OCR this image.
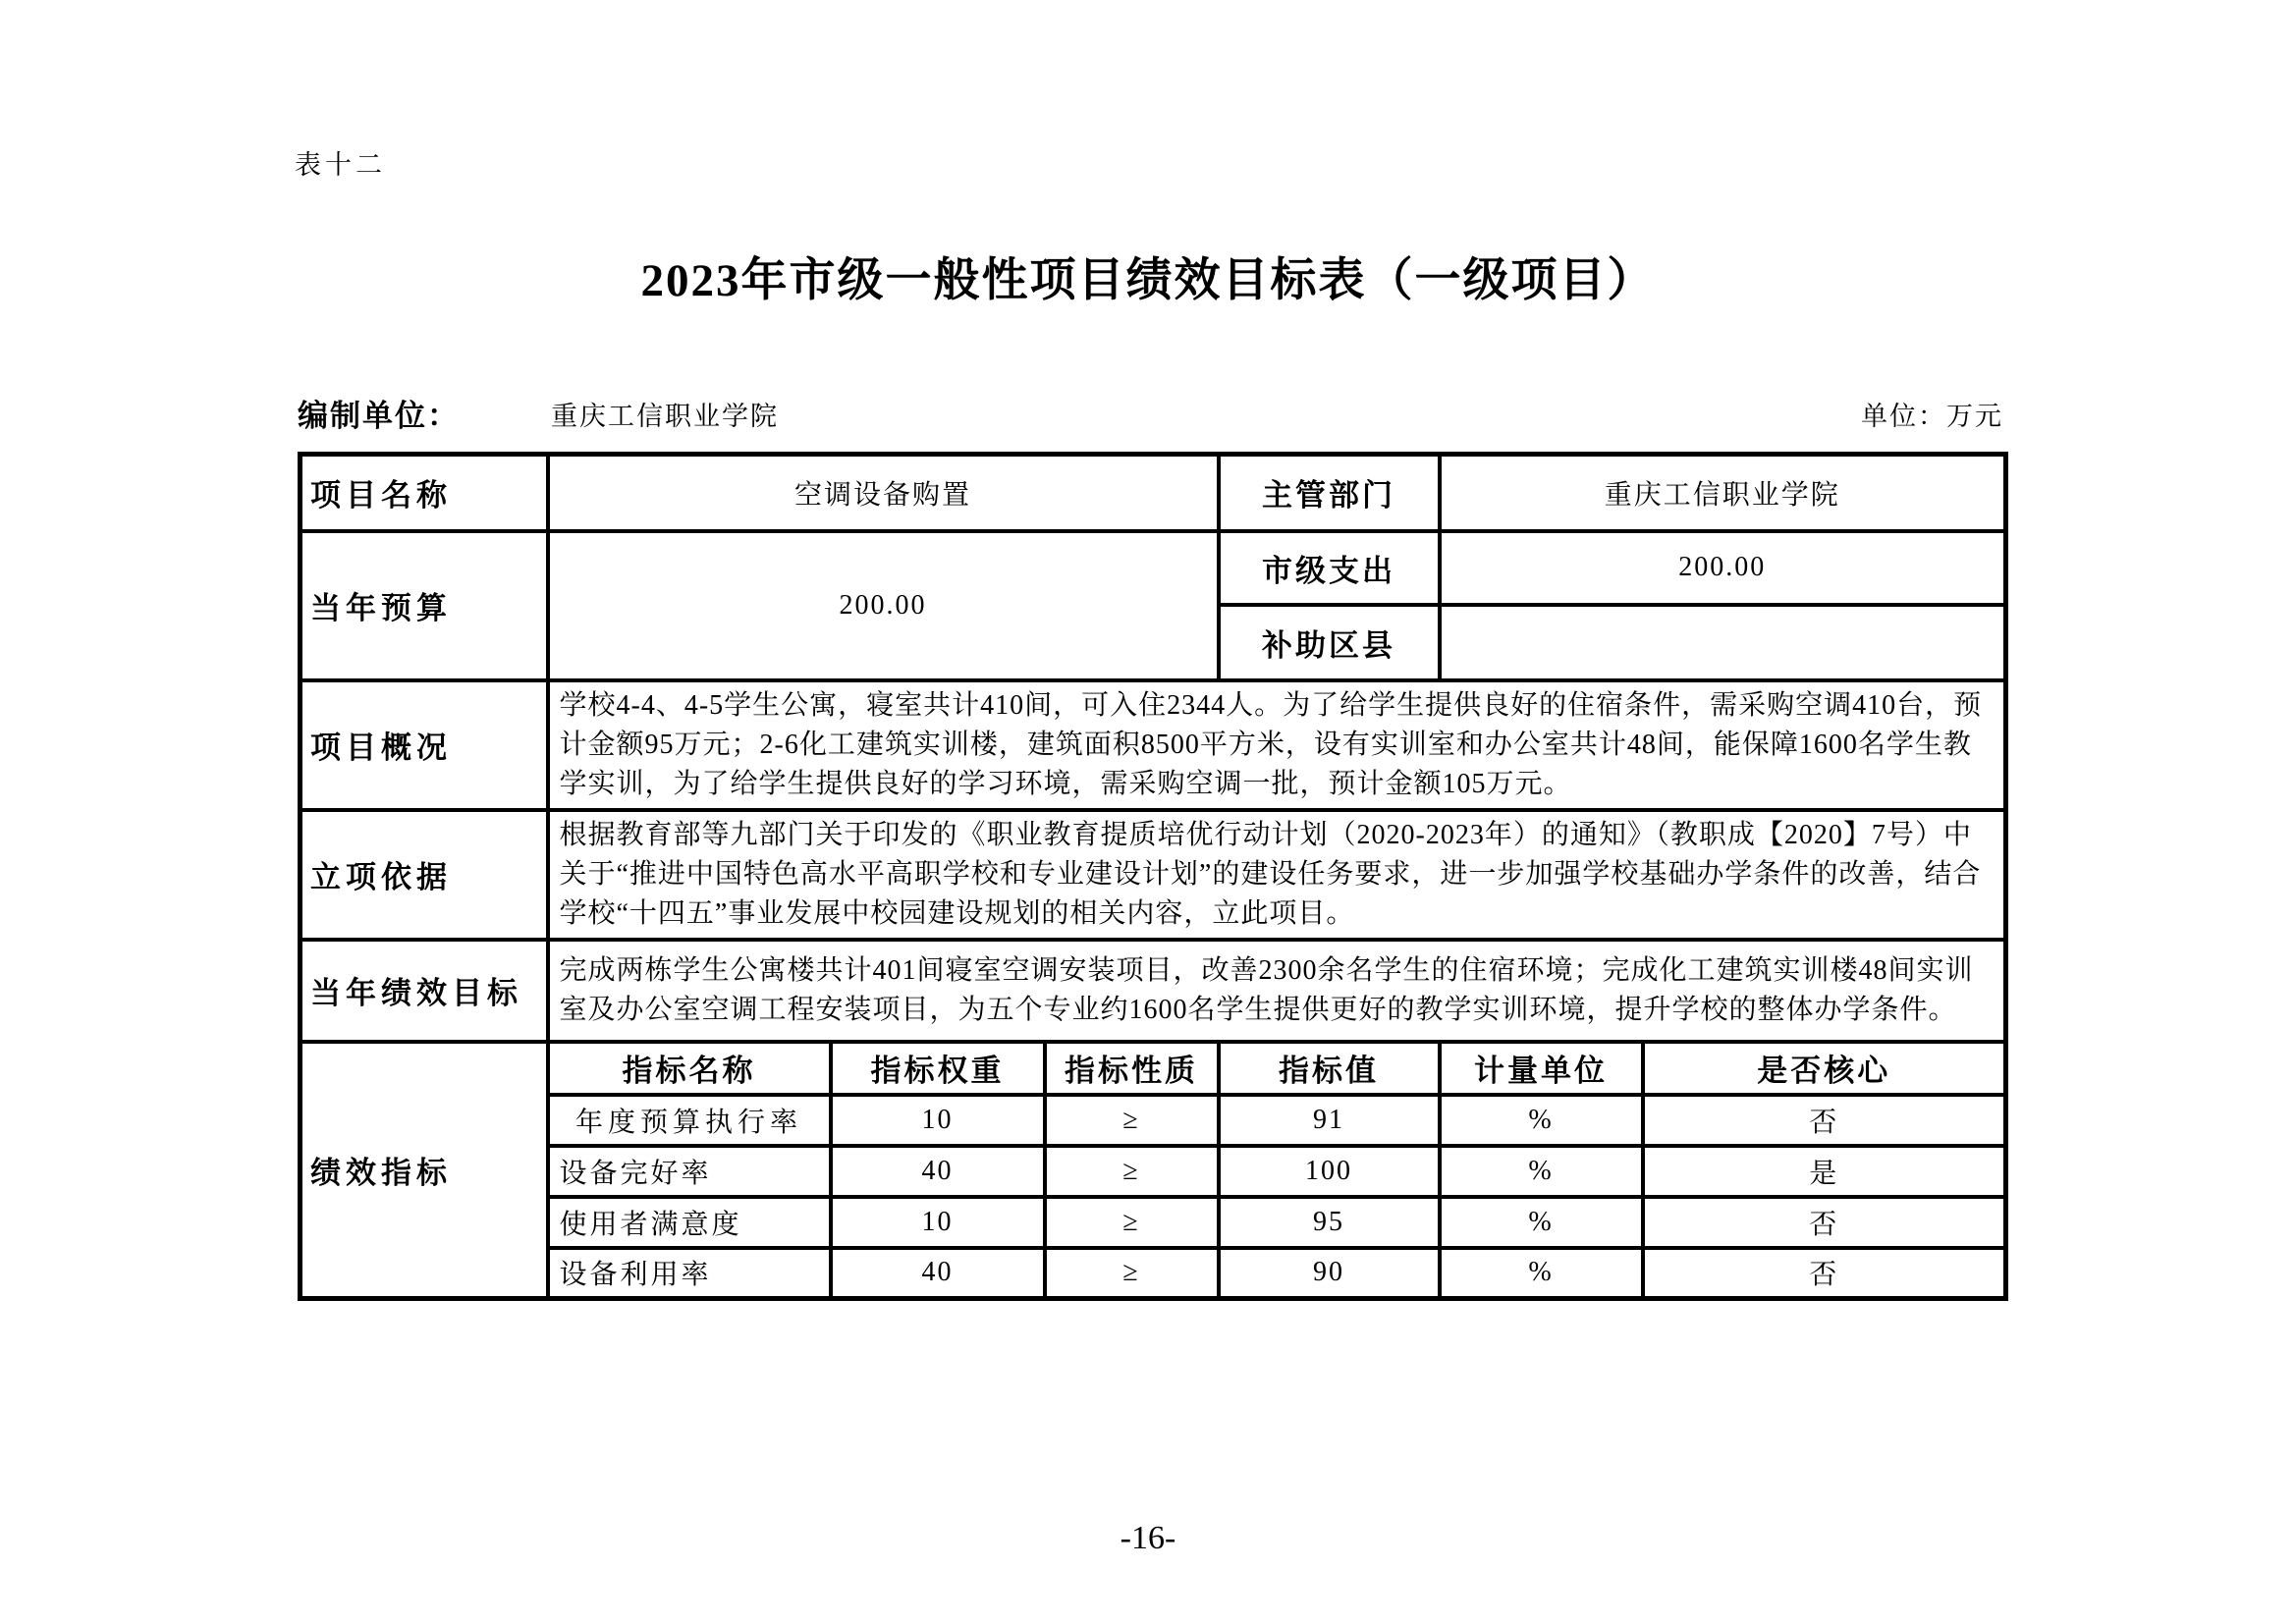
表十二
2023年市级一般性项目绩效目标表（一级项目）
编制单位：	重庆工信职业学院	单位：万元
项目名称	空调设备购置			主管部门	重庆工信职业学院	
当年预算	200.00			市级支出	200.00	
				补助区县		
项目概况	学校4-4、4-5学生公寓，寝室共计410间，可入住2344人。为了给学生提供良好的住宿条件，需采购空调410台，预计金额95万元；2-6化工建筑实训楼，建筑面积8500平方米，设有实训室和办公室共计48间，能保障1600名学生教学实训，为了给学生提供良好的学习环境，需采购空调一批，预计金额105万元。					
立项依据	根据教育部等九部门关于印发的《职业教育提质培优行动计划（2020-2023年）的通知》（教职成【2020】7号）中关于“推进中国特色高水平高职学校和专业建设计划”的建设任务要求，进一步加强学校基础办学条件的改善，结合学校“十四五”事业发展中校园建设规划的相关内容，立此项目。					
当年绩效目标	完成两栋学生公寓楼共计401间寝室空调安装项目，改善2300余名学生的住宿环境；完成化工建筑实训楼48间实训室及办公室空调工程安装项目，为五个专业约1600名学生提供更好的教学实训环境，提升学校的整体办学条件。					
绩效指标	指标名称	指标权重	指标性质	指标值	计量单位	是否核心
	年度预算执行率	10	≥	91	%	否
	设备完好率	40	≥	100	%	是
	使用者满意度	10	≥	95	%	否
	设备利用率	40	≥	90	%	否
-16-
